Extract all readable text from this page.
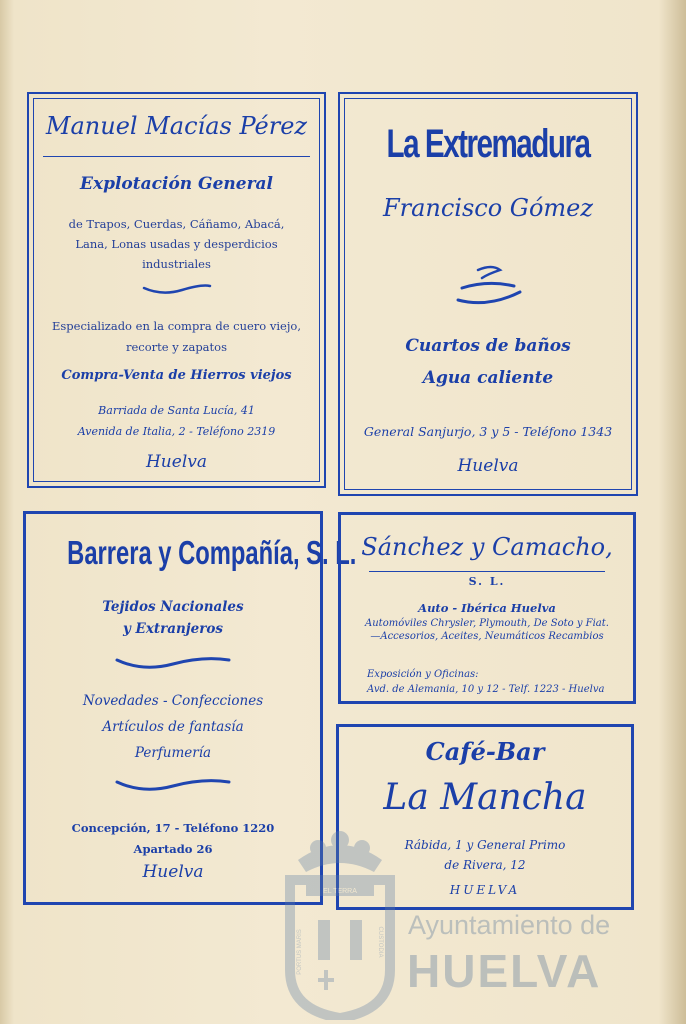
Manuel Macías Pérez

Explotación General

de Trapos, Cuerdas, Cáñamo, Abacá, Lana, Lonas usadas y desperdicios industriales

Especializado en la compra de cuero viejo, recorte y zapatos

Compra-Venta de Hierros viejos

Barriada de Santa Lucía, 41
Avenida de Italia, 2 - Teléfono 2319

Huelva

La Extremadura

Francisco Gómez

Cuartos de baños
Agua caliente

General Sanjurjo, 3 y 5 - Teléfono 1343

Huelva

Barrera y Compañía, S. L.

Tejidos Nacionales
y Extranjeros
Novedades - Confecciones
Artículos de fantasía
Perfumería
Concepción, 17 - Teléfono 1220
Apartado 26

Huelva

Sánchez y Camacho,

S. L.

Auto - Ibérica Huelva

Automóviles Chrysler, Plymouth, De Soto y Fiat.—Accesorios, Aceites, Neumáticos Recambios

Exposición y Oficinas:
Avd. de Alemania, 10 y 12 - Telf. 1223 - Huelva

Café-Bar

La Mancha

Rábida, 1 y General Primo
de Rivera, 12

HUELVA

EL TERRA
PORTUS MARIS	CUSTODIA
Ayuntamiento de
HUELVA
